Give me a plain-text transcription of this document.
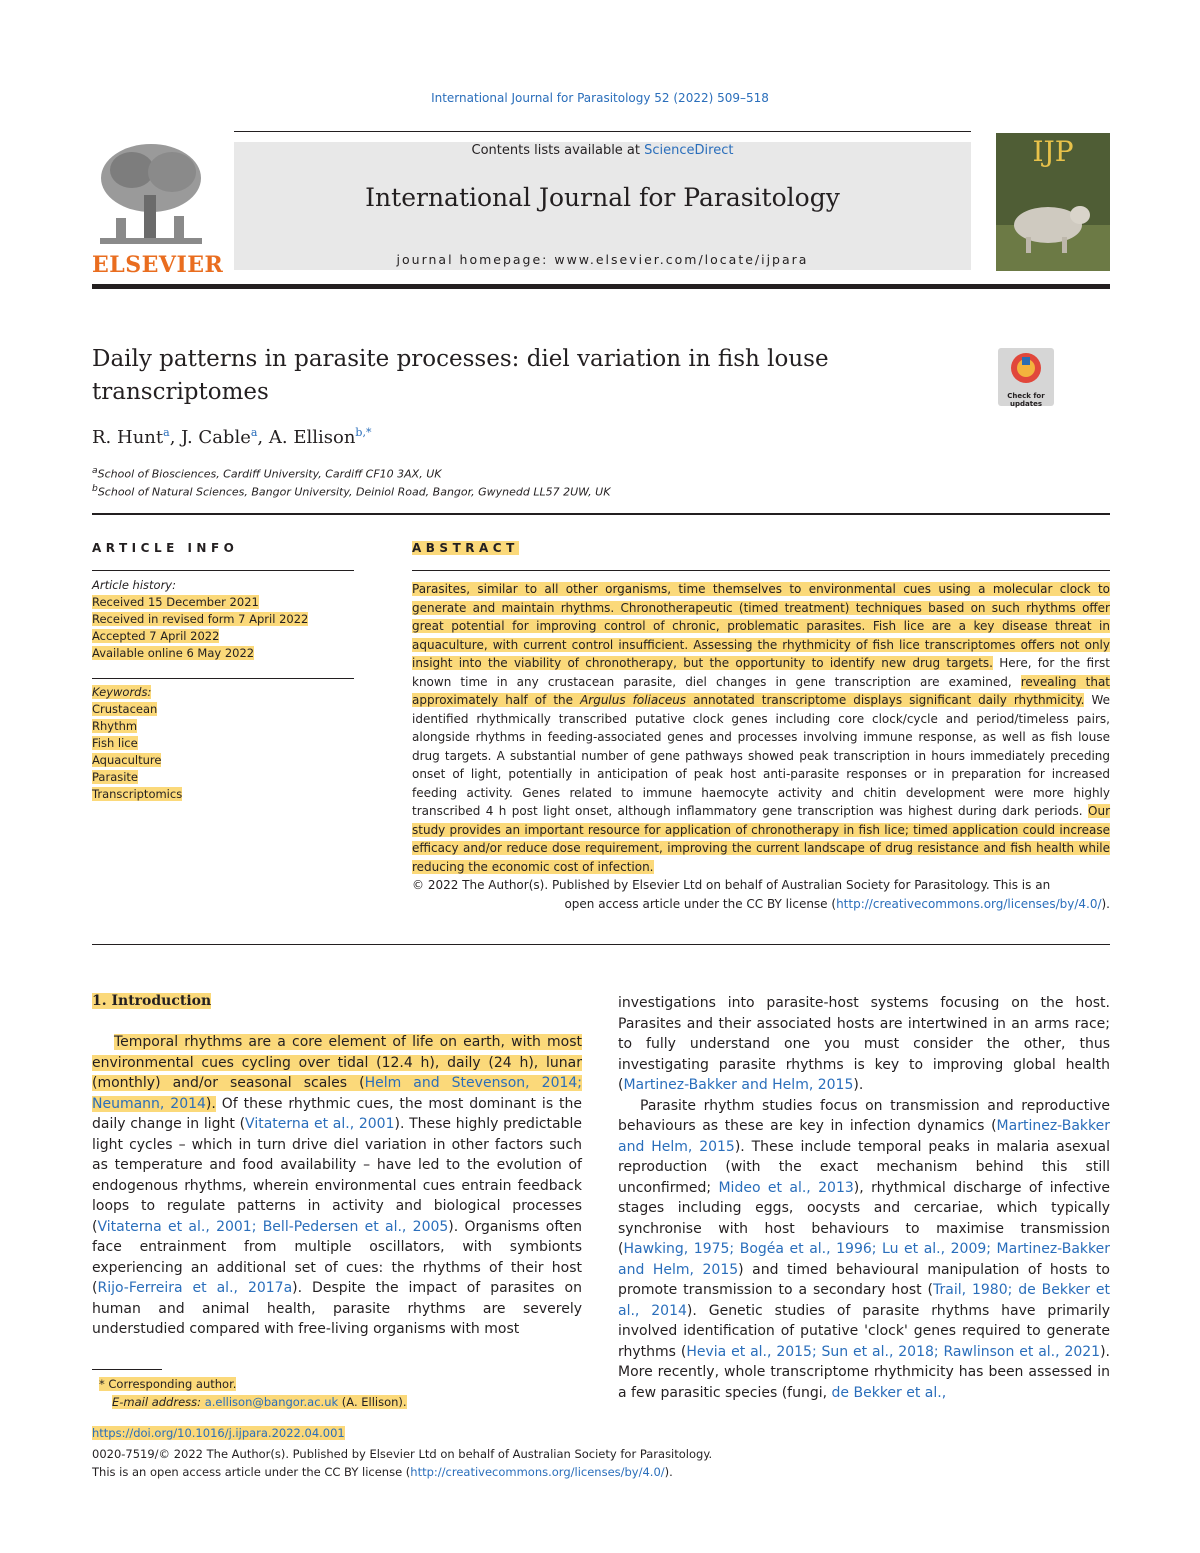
International Journal for Parasitology 52 (2022) 509–518
ELSEVIER
Contents lists available at ScienceDirect
International Journal for Parasitology
journal homepage: www.elsevier.com/locate/ijpara
IJP
Daily patterns in parasite processes: diel variation in fish louse transcriptomes	Check for updates
R. Hunt$^a$, J. Cable$^a$, A. Ellison$^{b,*}$
$^a$School of Biosciences, Cardiff University, Cardiff CF10 3AX, UK
$^b$School of Natural Sciences, Bangor University, Deiniol Road, Bangor, Gwynedd LL57 2UW, UK
ARTICLE INFO
Article history:
Received 15 December 2021
Received in revised form 7 April 2022
Accepted 7 April 2022
Available online 6 May 2022
Keywords:
Crustacean
Rhythm
Fish lice
Aquaculture
Parasite
Transcriptomics
ABSTRACT
Parasites, similar to all other organisms, time themselves to environmental cues using a molecular clock to generate and maintain rhythms. Chronotherapeutic (timed treatment) techniques based on such rhythms offer great potential for improving control of chronic, problematic parasites. Fish lice are a key disease threat in aquaculture, with current control insufficient. Assessing the rhythmicity of fish lice transcriptomes offers not only insight into the viability of chronotherapy, but the opportunity to identify new drug targets. Here, for the first known time in any crustacean parasite, diel changes in gene transcription are examined, revealing that approximately half of the Argulus foliaceus annotated transcriptome displays significant daily rhythmicity. We identified rhythmically transcribed putative clock genes including core clock/cycle and period/timeless pairs, alongside rhythms in feeding-associated genes and processes involving immune response, as well as fish louse drug targets. A substantial number of gene pathways showed peak transcription in hours immediately preceding onset of light, potentially in anticipation of peak host anti-parasite responses or in preparation for increased feeding activity. Genes related to immune haemocyte activity and chitin development were more highly transcribed 4 h post light onset, although inflammatory gene transcription was highest during dark periods. Our study provides an important resource for application of chronotherapy in fish lice; timed application could increase efficacy and/or reduce dose requirement, improving the current landscape of drug resistance and fish health while reducing the economic cost of infection.
© 2022 The Author(s). Published by Elsevier Ltd on behalf of Australian Society for Parasitology. This is an
open access article under the CC BY license (http://creativecommons.org/licenses/by/4.0/).
1. Introduction
Temporal rhythms are a core element of life on earth, with most environmental cues cycling over tidal (12.4 h), daily (24 h), lunar (monthly) and/or seasonal scales (Helm and Stevenson, 2014; Neumann, 2014). Of these rhythmic cues, the most dominant is the daily change in light (Vitaterna et al., 2001). These highly predictable light cycles – which in turn drive diel variation in other factors such as temperature and food availability – have led to the evolution of endogenous rhythms, wherein environmental cues entrain feedback loops to regulate patterns in activity and biological processes (Vitaterna et al., 2001; Bell-Pedersen et al., 2005). Organisms often face entrainment from multiple oscillators, with symbionts experiencing an additional set of cues: the rhythms of their host (Rijo-Ferreira et al., 2017a). Despite the impact of parasites on human and animal health, parasite rhythms are severely understudied compared with free-living organisms with most
investigations into parasite-host systems focusing on the host. Parasites and their associated hosts are intertwined in an arms race; to fully understand one you must consider the other, thus investigating parasite rhythms is key to improving global health (Martinez-Bakker and Helm, 2015).
Parasite rhythm studies focus on transmission and reproductive behaviours as these are key in infection dynamics (Martinez-Bakker and Helm, 2015). These include temporal peaks in malaria asexual reproduction (with the exact mechanism behind this still unconfirmed; Mideo et al., 2013), rhythmical discharge of infective stages including eggs, oocysts and cercariae, which typically synchronise with host behaviours to maximise transmission (Hawking, 1975; Bogéa et al., 1996; Lu et al., 2009; Martinez-Bakker and Helm, 2015) and timed behavioural manipulation of hosts to promote transmission to a secondary host (Trail, 1980; de Bekker et al., 2014). Genetic studies of parasite rhythms have primarily involved identification of putative 'clock' genes required to generate rhythms (Hevia et al., 2015; Sun et al., 2018; Rawlinson et al., 2021). More recently, whole transcriptome rhythmicity has been assessed in a few parasitic species (fungi, de Bekker et al.,
* Corresponding author.
E-mail address: a.ellison@bangor.ac.uk (A. Ellison).
https://doi.org/10.1016/j.ijpara.2022.04.001
0020-7519/© 2022 The Author(s). Published by Elsevier Ltd on behalf of Australian Society for Parasitology.
This is an open access article under the CC BY license (http://creativecommons.org/licenses/by/4.0/).
